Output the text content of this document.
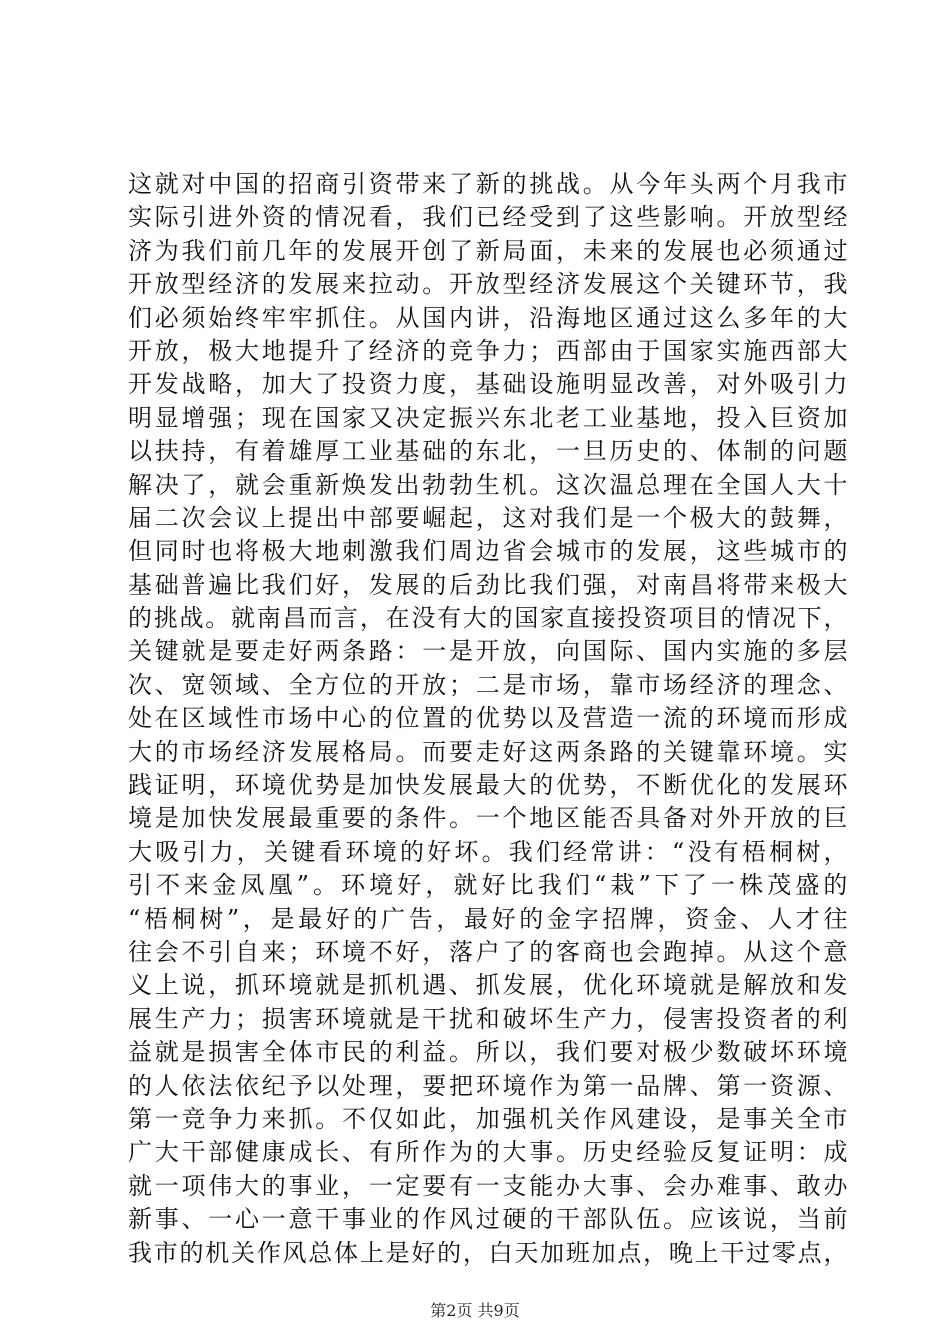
这就对中国的招商引资带来了新的挑战。从今年头两个月我市
实际引进外资的情况看，我们已经受到了这些影响。开放型经
济为我们前几年的发展开创了新局面，未来的发展也必须通过
开放型经济的发展来拉动。开放型经济发展这个关键环节，我
们必须始终牢牢抓住。从国内讲，沿海地区通过这么多年的大
开放，极大地提升了经济的竞争力；西部由于国家实施西部大
开发战略，加大了投资力度，基础设施明显改善，对外吸引力
明显增强；现在国家又决定振兴东北老工业基地，投入巨资加
以扶持，有着雄厚工业基础的东北，一旦历史的、体制的问题
解决了，就会重新焕发出勃勃生机。这次温总理在全国人大十
届二次会议上提出中部要崛起，这对我们是一个极大的鼓舞，
但同时也将极大地刺激我们周边省会城市的发展，这些城市的
基础普遍比我们好，发展的后劲比我们强，对南昌将带来极大
的挑战。就南昌而言，在没有大的国家直接投资项目的情况下，
关键就是要走好两条路：一是开放，向国际、国内实施的多层
次、宽领域、全方位的开放；二是市场，靠市场经济的理念、
处在区域性市场中心的位置的优势以及营造一流的环境而形成
大的市场经济发展格局。而要走好这两条路的关键靠环境。实
践证明，环境优势是加快发展最大的优势，不断优化的发展环
境是加快发展最重要的条件。一个地区能否具备对外开放的巨
大吸引力，关键看环境的好坏。我们经常讲：“没有梧桐树，
引不来金凤凰”。环境好，就好比我们“栽”下了一株茂盛的
“梧桐树”，是最好的广告，最好的金字招牌，资金、人才往
往会不引自来；环境不好，落户了的客商也会跑掉。从这个意
义上说，抓环境就是抓机遇、抓发展，优化环境就是解放和发
展生产力；损害环境就是干扰和破坏生产力，侵害投资者的利
益就是损害全体市民的利益。所以，我们要对极少数破坏环境
的人依法依纪予以处理，要把环境作为第一品牌、第一资源、
第一竞争力来抓。不仅如此，加强机关作风建设，是事关全市
广大干部健康成长、有所作为的大事。历史经验反复证明：成
就一项伟大的事业，一定要有一支能办大事、会办难事、敢办
新事、一心一意干事业的作风过硬的干部队伍。应该说，当前
我市的机关作风总体上是好的，白天加班加点，晚上干过零点，
第2页 共9页
